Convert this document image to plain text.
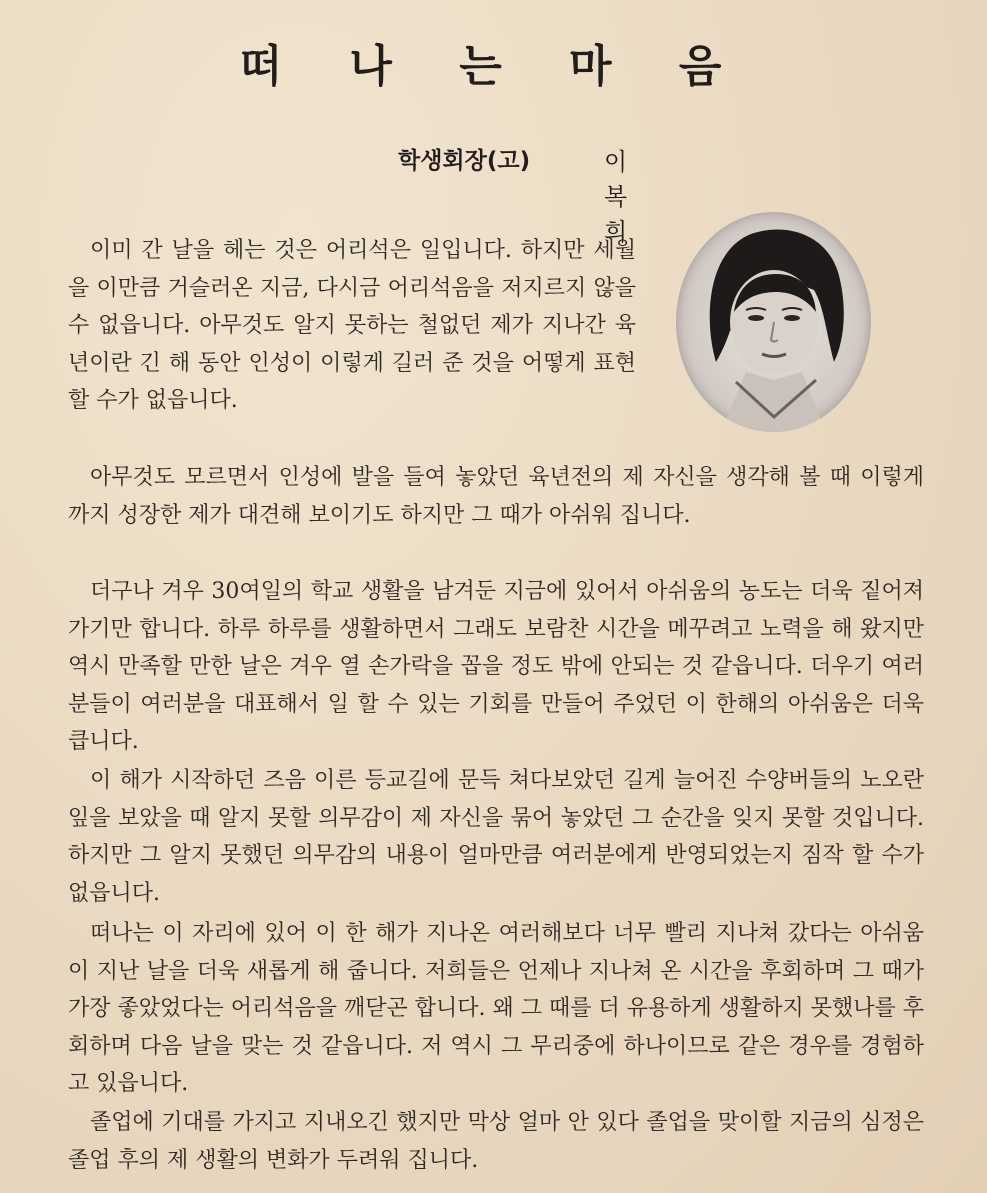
떠 나 는 마 음
학생회장(고)	이 복 희

이미 간 날을 헤는 것은 어리석은 일입니다. 하지만 세월을 이만큼 거슬러온 지금, 다시금 어리석음을 저지르지 않을 수 없읍니다. 아무것도 알지 못하는 철없던 제가 지나간 육년이란 긴 해 동안 인성이 이렇게 길러 준 것을 어떻게 표현할 수가 없읍니다.

아무것도 모르면서 인성에 발을 들여 놓았던 육년전의 제 자신을 생각해 볼 때 이렇게 까지 성장한 제가 대견해 보이기도 하지만 그 때가 아쉬워 집니다.

더구나 겨우 30여일의 학교 생활을 남겨둔 지금에 있어서 아쉬움의 농도는 더욱 짙어져가기만 합니다. 하루 하루를 생활하면서 그래도 보람찬 시간을 메꾸려고 노력을 해 왔지만 역시 만족할 만한 날은 겨우 열 손가락을 꼽을 정도 밖에 안되는 것 같읍니다. 더우기 여러분들이 여러분을 대표해서 일 할 수 있는 기회를 만들어 주었던 이 한해의 아쉬움은 더욱 큽니다.

이 해가 시작하던 즈음 이른 등교길에 문득 쳐다보았던 길게 늘어진 수양버들의 노오란 잎을 보았을 때 알지 못할 의무감이 제 자신을 묶어 놓았던 그 순간을 잊지 못할 것입니다. 하지만 그 알지 못했던 의무감의 내용이 얼마만큼 여러분에게 반영되었는지 짐작 할 수가 없읍니다.

떠나는 이 자리에 있어 이 한 해가 지나온 여러해보다 너무 빨리 지나쳐 갔다는 아쉬움이 지난 날을 더욱 새롭게 해 줍니다. 저희들은 언제나 지나쳐 온 시간을 후회하며 그 때가 가장 좋았었다는 어리석음을 깨닫곤 합니다. 왜 그 때를 더 유용하게 생활하지 못했나를 후회하며 다음 날을 맞는 것 같읍니다. 저 역시 그 무리중에 하나이므로 같은 경우를 경험하고 있읍니다.

졸업에 기대를 가지고 지내오긴 했지만 막상 얼마 안 있다 졸업을 맞이할 지금의 심정은 졸업 후의 제 생활의 변화가 두려워 집니다.
